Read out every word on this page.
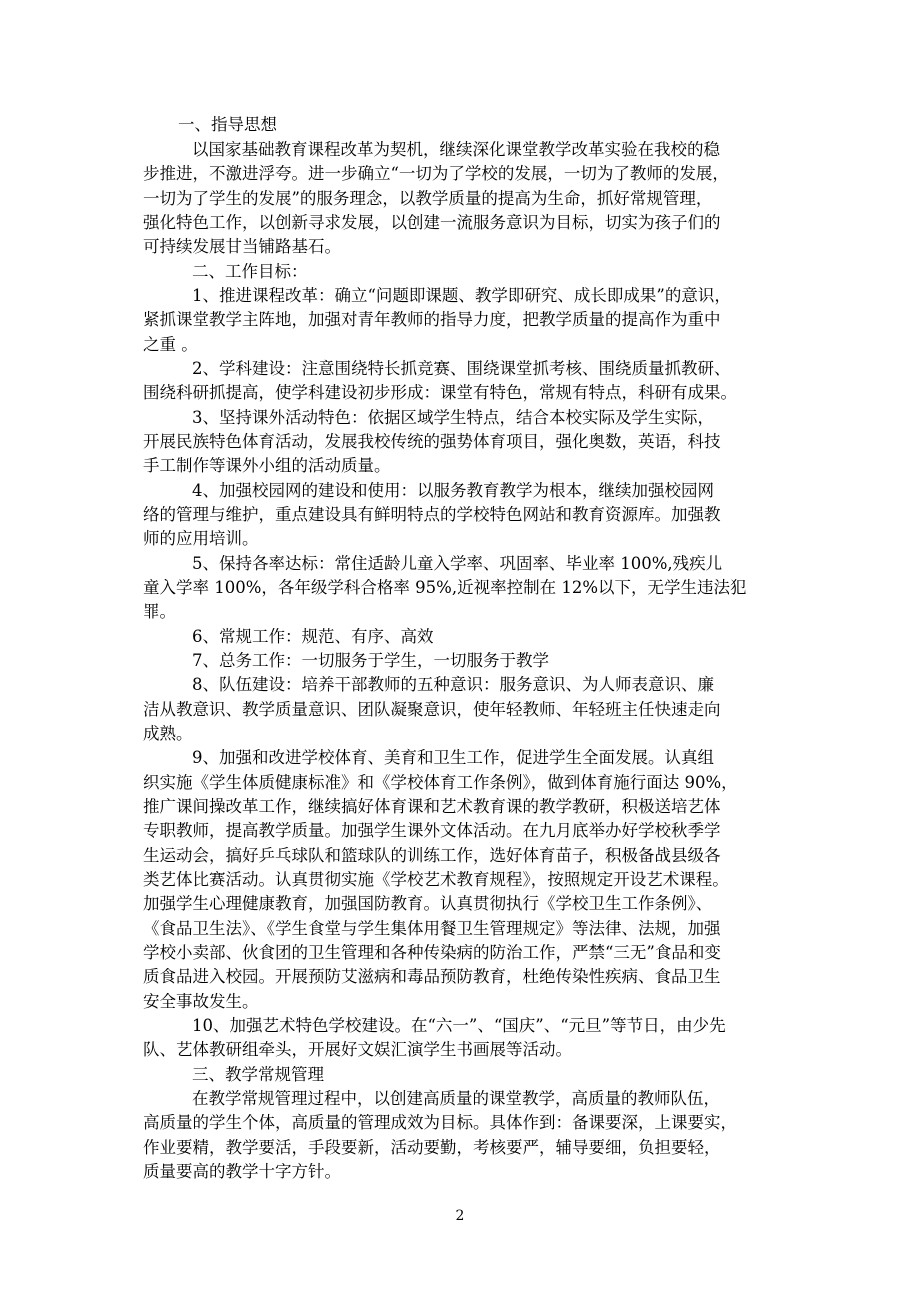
一、指导思想
以国家基础教育课程改革为契机，继续深化课堂教学改革实验在我校的稳
步推进，不激进浮夸。进一步确立“一切为了学校的发展，一切为了教师的发展，
一切为了学生的发展”的服务理念，以教学质量的提高为生命，抓好常规管理，
强化特色工作，以创新寻求发展，以创建一流服务意识为目标，切实为孩子们的
可持续发展甘当铺路基石。
二、工作目标：
1、推进课程改革：确立“问题即课题、教学即研究、成长即成果”的意识，
紧抓课堂教学主阵地，加强对青年教师的指导力度，把教学质量的提高作为重中
之重 。
2、学科建设：注意围绕特长抓竞赛、围绕课堂抓考核、围绕质量抓教研、
围绕科研抓提高，使学科建设初步形成：课堂有特色，常规有特点，科研有成果。
3、坚持课外活动特色：依据区域学生特点，结合本校实际及学生实际，
开展民族特色体育活动，发展我校传统的强势体育项目，强化奥数，英语，科技
手工制作等课外小组的活动质量。
4、加强校园网的建设和使用：以服务教育教学为根本，继续加强校园网
络的管理与维护，重点建设具有鲜明特点的学校特色网站和教育资源库。加强教
师的应用培训。
5、保持各率达标：常住适龄儿童入学率、巩固率、毕业率 100%,残疾儿
童入学率 100%，各年级学科合格率 95%,近视率控制在 12%以下，无学生违法犯
罪。
6、常规工作：规范、有序、高效
7、总务工作：一切服务于学生，一切服务于教学
8、队伍建设：培养干部教师的五种意识：服务意识、为人师表意识、廉
洁从教意识、教学质量意识、团队凝聚意识，使年轻教师、年轻班主任快速走向
成熟。
9、加强和改进学校体育、美育和卫生工作，促进学生全面发展。认真组
织实施《学生体质健康标准》和《学校体育工作条例》，做到体育施行面达 90%，
推广课间操改革工作，继续搞好体育课和艺术教育课的教学教研，积极送培艺体
专职教师，提高教学质量。加强学生课外文体活动。在九月底举办好学校秋季学
生运动会，搞好乒乓球队和篮球队的训练工作，选好体育苗子，积极备战县级各
类艺体比赛活动。认真贯彻实施《学校艺术教育规程》，按照规定开设艺术课程。
加强学生心理健康教育，加强国防教育。认真贯彻执行《学校卫生工作条例》、
《食品卫生法》、《学生食堂与学生集体用餐卫生管理规定》等法律、法规，加强
学校小卖部、伙食团的卫生管理和各种传染病的防治工作，严禁“三无”食品和变
质食品进入校园。开展预防艾滋病和毒品预防教育，杜绝传染性疾病、食品卫生
安全事故发生。
10、加强艺术特色学校建设。在“六一”、“国庆”、“元旦”等节日，由少先
队、艺体教研组牵头，开展好文娱汇演学生书画展等活动。
三、教学常规管理
在教学常规管理过程中，以创建高质量的课堂教学，高质量的教师队伍，
高质量的学生个体，高质量的管理成效为目标。具体作到：备课要深，上课要实，
作业要精，教学要活，手段要新，活动要勤，考核要严，辅导要细，负担要轻，
质量要高的教学十字方针。
2
